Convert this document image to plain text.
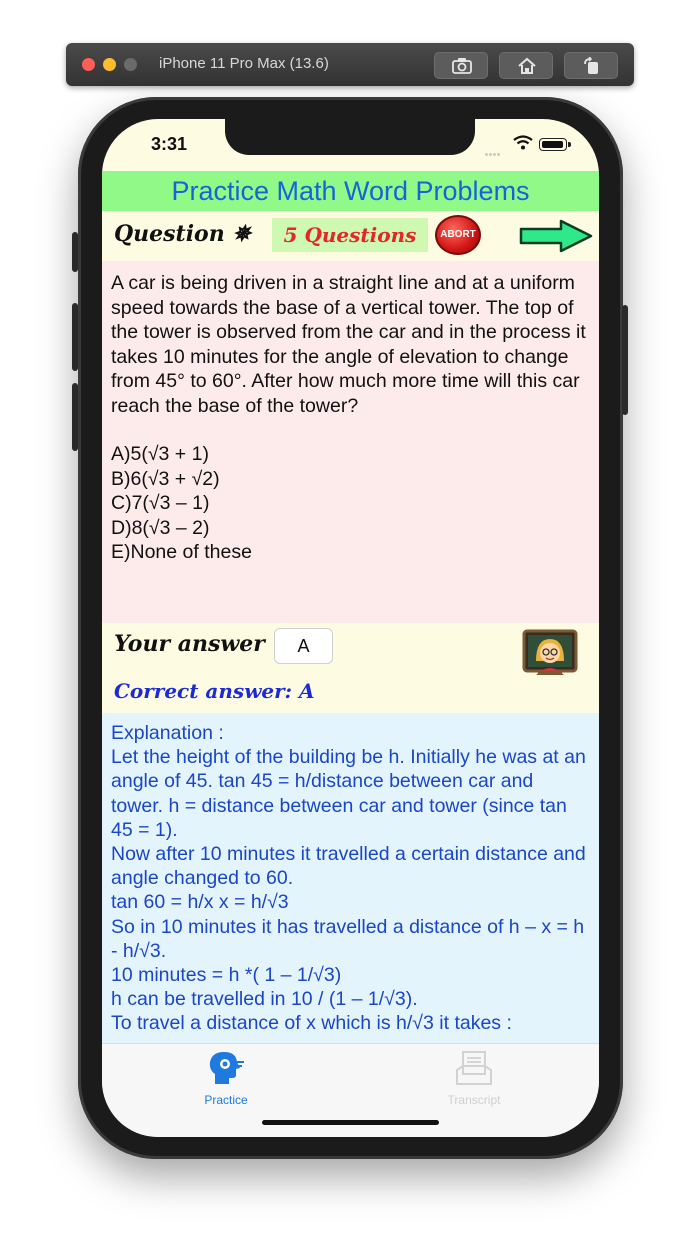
iPhone 11 Pro Max (13.6)
3:31
Practice Math Word Problems
Question ✵	5 Questions	ABORT
A car is being driven in a straight line and at a uniform speed towards the base of a vertical tower. The top of the tower is observed from the car and in the process it takes 10 minutes for the angle of elevation to change from 45° to 60°. After how much more time will this car reach the base of the tower?
A)5(√3 + 1)
B)6(√3 + √2)
C)7(√3 – 1)
D)8(√3 – 2)
E)None of these
Your answer	A
Correct answer: A
Explanation :
Let the height of the building be h. Initially he was at an angle of 45. tan 45 = h/distance between car and tower. h = distance between car and tower (since tan 45 = 1).
Now after 10 minutes it travelled a certain distance and angle changed to 60.
tan 60 = h/x x = h/√3
So in 10 minutes it has travelled a distance of h – x = h - h/√3.
10 minutes = h *( 1 – 1/√3)
h can be travelled in 10 / (1 – 1/√3).
To travel a distance of x which is h/√3 it takes :
Practice	Transcript
